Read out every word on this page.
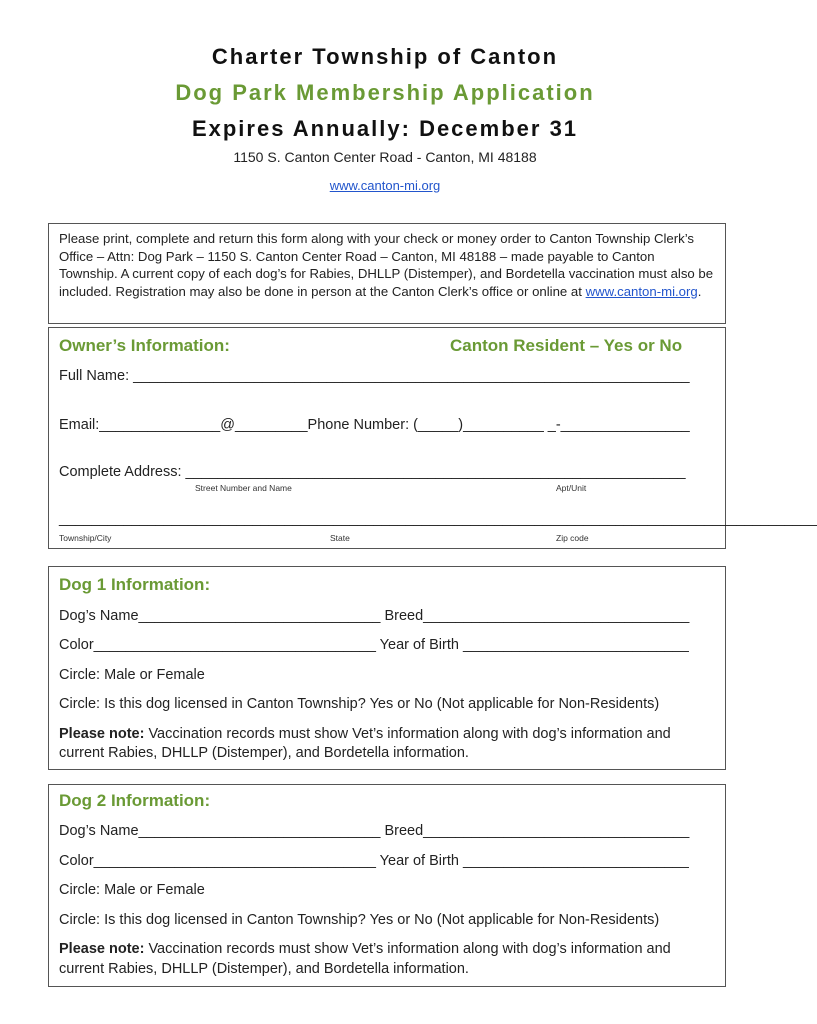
Charter Township of Canton
Dog Park Membership Application
Expires Annually: December 31
1150 S. Canton Center Road - Canton, MI 48188
www.canton-mi.org
Please print, complete and return this form along with your check or money order to Canton Township Clerk’s Office – Attn: Dog Park – 1150 S. Canton Center Road – Canton, MI 48188 – made payable to Canton Township. A current copy of each dog’s for Rabies, DHLLP (Distemper), and Bordetella vaccination must also be included. Registration may also be done in person at the Canton Clerk’s office or online at www.canton-mi.org.
Owner’s Information:	Canton Resident – Yes or No
Full Name: _____________________________________________________________________
Email:_______________@_________Phone Number: (_____)__________ _-________________
Complete Address: ______________________________________________________________
Street Number and Name	Apt/Unit
______________________________________________________________________________________________
Township/City	State	Zip code
Dog 1 Information:
Dog’s Name______________________________ Breed_________________________________
Color___________________________________ Year of Birth ____________________________
Circle: Male or Female
Circle: Is this dog licensed in Canton Township? Yes or No (Not applicable for Non-Residents)
Please note: Vaccination records must show Vet’s information along with dog’s information and
current Rabies, DHLLP (Distemper), and Bordetella information.
Dog 2 Information:
Dog’s Name______________________________ Breed_________________________________
Color___________________________________ Year of Birth ____________________________
Circle: Male or Female
Circle: Is this dog licensed in Canton Township? Yes or No (Not applicable for Non-Residents)
Please note: Vaccination records must show Vet’s information along with dog’s information and
current Rabies, DHLLP (Distemper), and Bordetella information.
